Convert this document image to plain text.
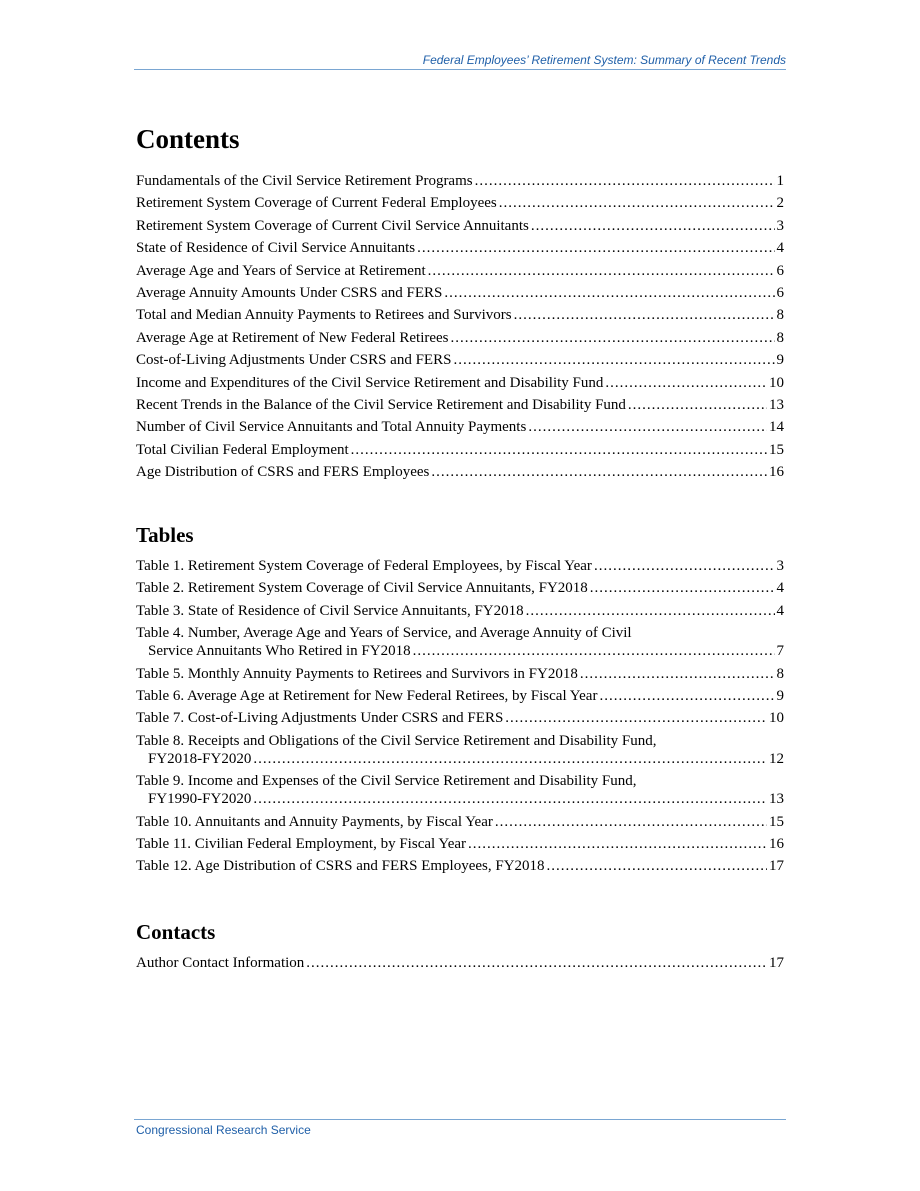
Federal Employees’ Retirement System: Summary of Recent Trends
Contents
Fundamentals of the Civil Service Retirement Programs .....	1
Retirement System Coverage of Current Federal Employees .....	2
Retirement System Coverage of Current Civil Service Annuitants .....	3
State of Residence of Civil Service Annuitants .....	4
Average Age and Years of Service at Retirement .....	6
Average Annuity Amounts Under CSRS and FERS .....	6
Total and Median Annuity Payments to Retirees and Survivors .....	8
Average Age at Retirement of New Federal Retirees .....	8
Cost-of-Living Adjustments Under CSRS and FERS .....	9
Income and Expenditures of the Civil Service Retirement and Disability Fund .....	10
Recent Trends in the Balance of the Civil Service Retirement and Disability Fund .....	13
Number of Civil Service Annuitants and Total Annuity Payments .....	14
Total Civilian Federal Employment .....	15
Age Distribution of CSRS and FERS Employees .....	16
Tables
Table 1. Retirement System Coverage of Federal Employees, by Fiscal Year .....	3
Table 2. Retirement System Coverage of Civil Service Annuitants, FY2018 .....	4
Table 3. State of Residence of Civil Service Annuitants, FY2018 .....	4
Table 4. Number, Average Age and Years of Service, and Average Annuity of Civil
Service Annuitants Who Retired in FY2018 .....	7
Table 5. Monthly Annuity Payments to Retirees and Survivors in FY2018 .....	8
Table 6. Average Age at Retirement for New Federal Retirees, by Fiscal Year .....	9
Table 7. Cost-of-Living Adjustments Under CSRS and FERS .....	10
Table 8. Receipts and Obligations of the Civil Service Retirement and Disability Fund,
FY2018-FY2020 .....	12
Table 9. Income and Expenses of the Civil Service Retirement and Disability Fund,
FY1990-FY2020 .....	13
Table 10. Annuitants and Annuity Payments, by Fiscal Year .....	15
Table 11. Civilian Federal Employment, by Fiscal Year .....	16
Table 12. Age Distribution of CSRS and FERS Employees, FY2018 .....	17
Contacts
Author Contact Information .....	17
Congressional Research Service
